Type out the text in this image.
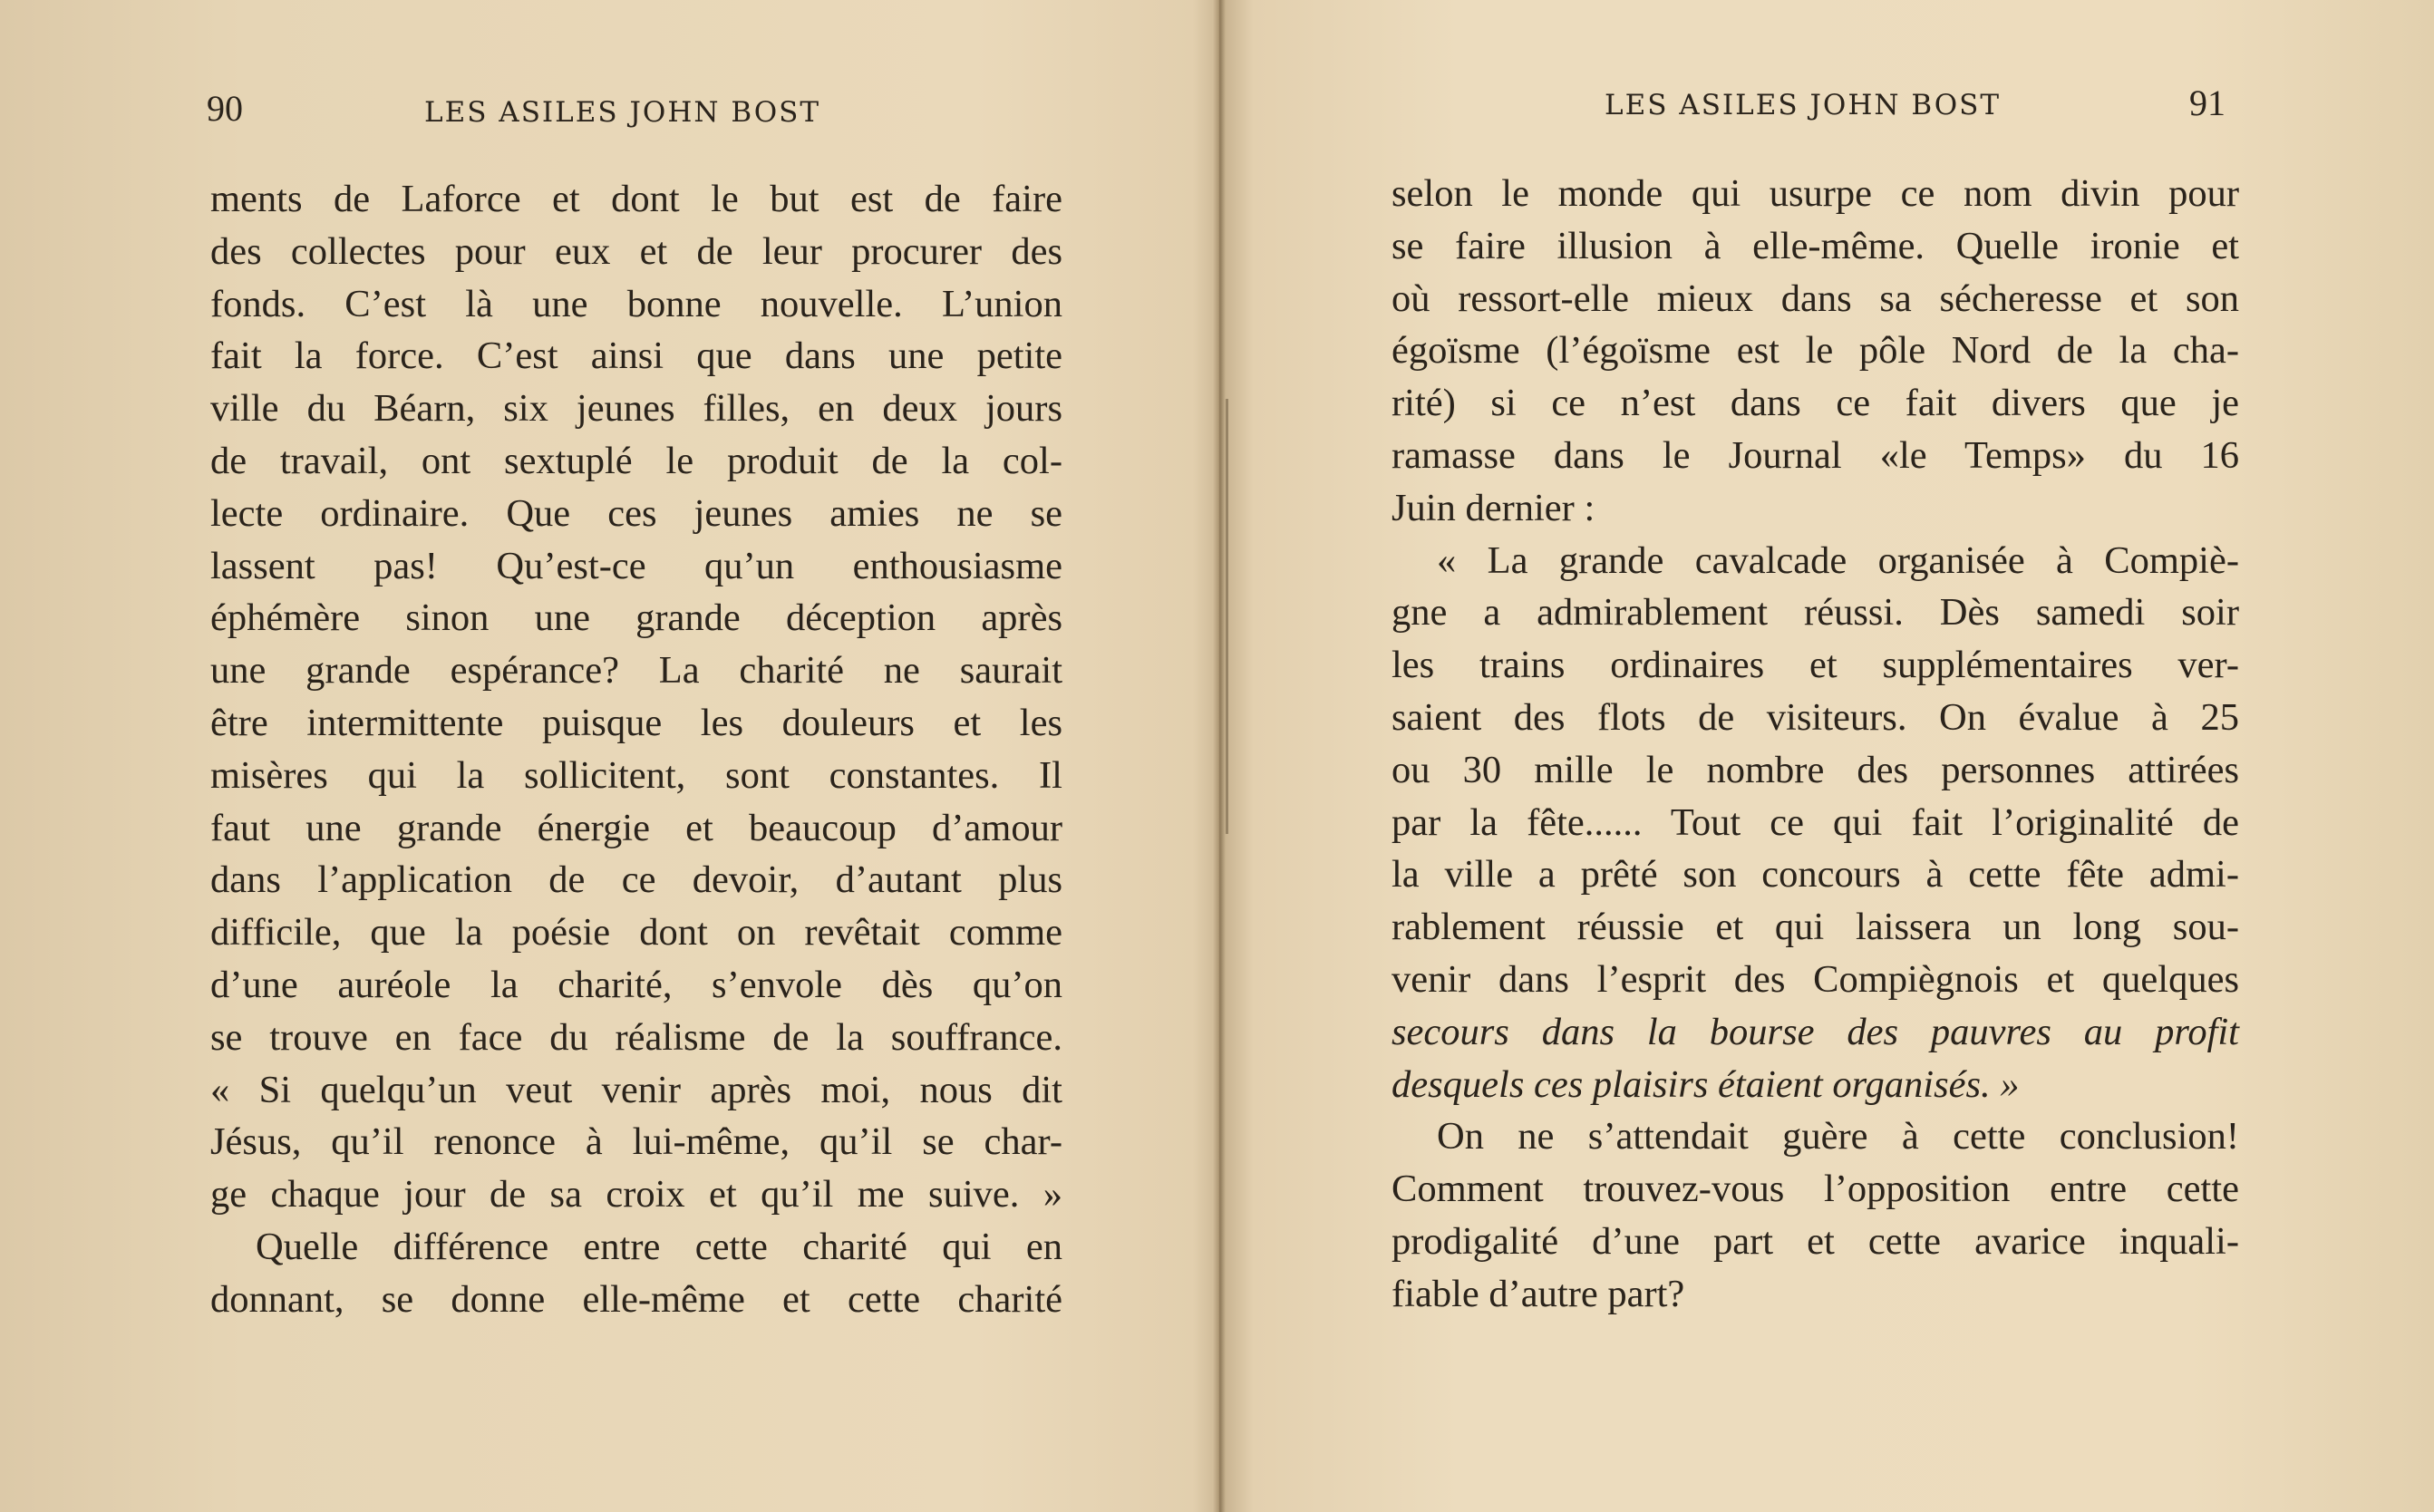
90	LES ASILES JOHN BOST
ments de Laforce et dont le but est de faire
des collectes pour eux et de leur procurer des
fonds. C’est là une bonne nouvelle. L’union
fait la force. C’est ainsi que dans une petite
ville du Béarn, six jeunes filles, en deux jours
de travail, ont sextuplé le produit de la col-
lecte ordinaire. Que ces jeunes amies ne se
lassent pas! Qu’est-ce qu’un enthousiasme
éphémère sinon une grande déception après
une grande espérance? La charité ne saurait
être intermittente puisque les douleurs et les
misères qui la sollicitent, sont constantes. Il
faut une grande énergie et beaucoup d’amour
dans l’application de ce devoir, d’autant plus
difficile, que la poésie dont on revêtait comme
d’une auréole la charité, s’envole dès qu’on
se trouve en face du réalisme de la souffrance.
« Si quelqu’un veut venir après moi, nous dit
Jésus, qu’il renonce à lui-même, qu’il se char-
ge chaque jour de sa croix et qu’il me suive. »
Quelle différence entre cette charité qui en
donnant, se donne elle-même et cette charité
LES ASILES JOHN BOST	91
selon le monde qui usurpe ce nom divin pour
se faire illusion à elle-même. Quelle ironie et
où ressort-elle mieux dans sa sécheresse et son
égoïsme (l’égoïsme est le pôle Nord de la cha-
rité) si ce n’est dans ce fait divers que je
ramasse dans le Journal «le Temps» du 16
Juin dernier :
« La grande cavalcade organisée à Compiè-
gne a admirablement réussi. Dès samedi soir
les trains ordinaires et supplémentaires ver-
saient des flots de visiteurs. On évalue à 25
ou 30 mille le nombre des personnes attirées
par la fête...... Tout ce qui fait l’originalité de
la ville a prêté son concours à cette fête admi-
rablement réussie et qui laissera un long sou-
venir dans l’esprit des Compiègnois et quelques
secours dans la bourse des pauvres au profit
desquels ces plaisirs étaient organisés. »
On ne s’attendait guère à cette conclusion!
Comment trouvez-vous l’opposition entre cette
prodigalité d’une part et cette avarice inquali-
fiable d’autre part?
